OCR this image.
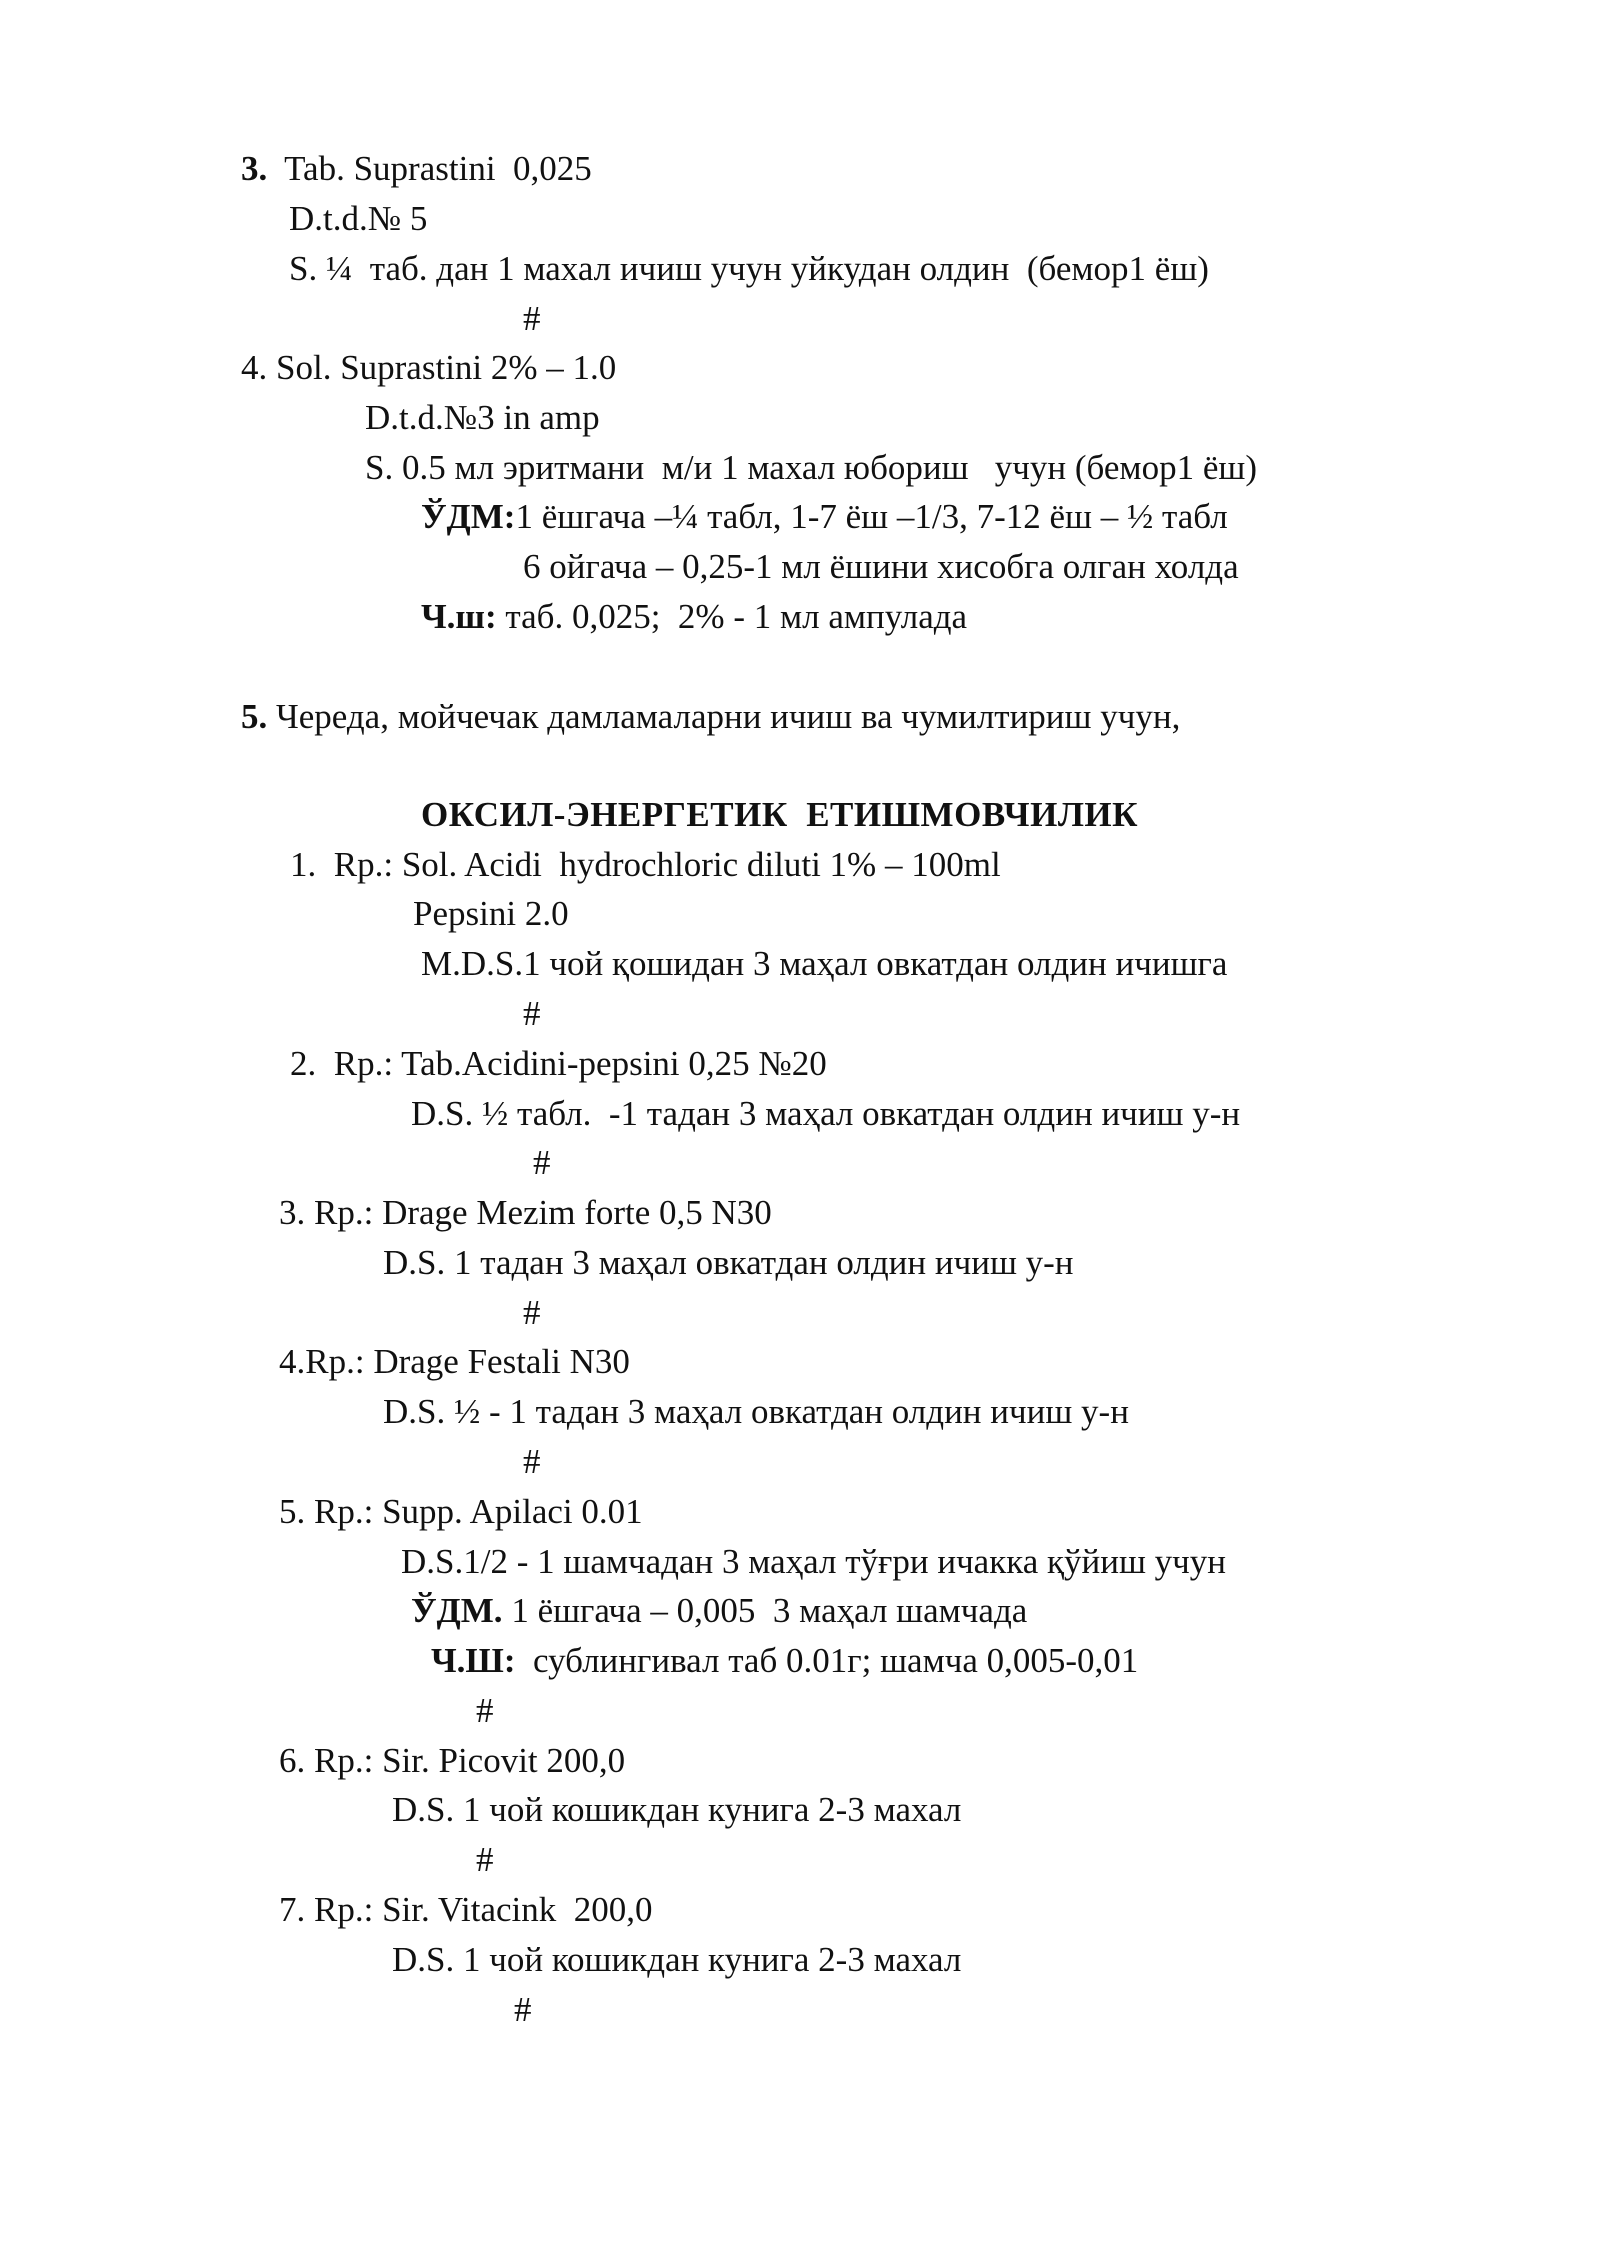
3. Tab. Suprastini  0,025
D.t.d.№ 5
S. ¼  таб. дан 1 махал ичиш учун уйкудан олдин  (бемор1 ёш)
#
4. Sol. Suprastini 2% – 1.0
D.t.d.№3 in amp
S. 0.5 мл эритмани  м/и 1 махал юбориш   учун (бемор1 ёш)
ЎДМ:1 ёшгача –¼ табл, 1-7 ёш –1/3, 7-12 ёш – ½ табл
6 ойгача – 0,25-1 мл ёшини хисобга олган холда
Ч.ш: таб. 0,025;  2% - 1 мл ампулада
5. Череда, мойчечак дамламаларни ичиш ва чумилтириш учун,
ОКСИЛ-ЭНЕРГЕТИК  ЕТИШМОВЧИЛИК
1.  Rp.: Sol. Acidi  hydrochloric diluti 1% – 100ml
Pepsini 2.0
M.D.S.1 чой қошидан 3 маҳал овкатдан олдин ичишга
#
2.  Rp.: Tab.Acidini-pepsini 0,25 №20
D.S. ½ табл.  -1 тадан 3 маҳал овкатдан олдин ичиш у-н
#
3. Rp.: Drage Mezim forte 0,5 N30
D.S. 1 тадан 3 маҳал овкатдан олдин ичиш у-н
#
4.Rp.: Drage Festali N30
D.S. ½ - 1 тадан 3 маҳал овкатдан олдин ичиш у-н
#
5. Rp.: Supp. Apilaci 0.01
D.S.1/2 - 1 шамчадан 3 маҳал тўғри ичакка қўйиш учун
ЎДМ. 1 ёшгача – 0,005  3 маҳал шамчада
Ч.Ш:  сублингивал таб 0.01г; шамча 0,005-0,01
#
6. Rp.: Sir. Picovit 200,0
D.S. 1 чой кошикдан кунига 2-3 махал
#
7. Rp.: Sir. Vitacink  200,0
D.S. 1 чой кошикдан кунига 2-3 махал
#
